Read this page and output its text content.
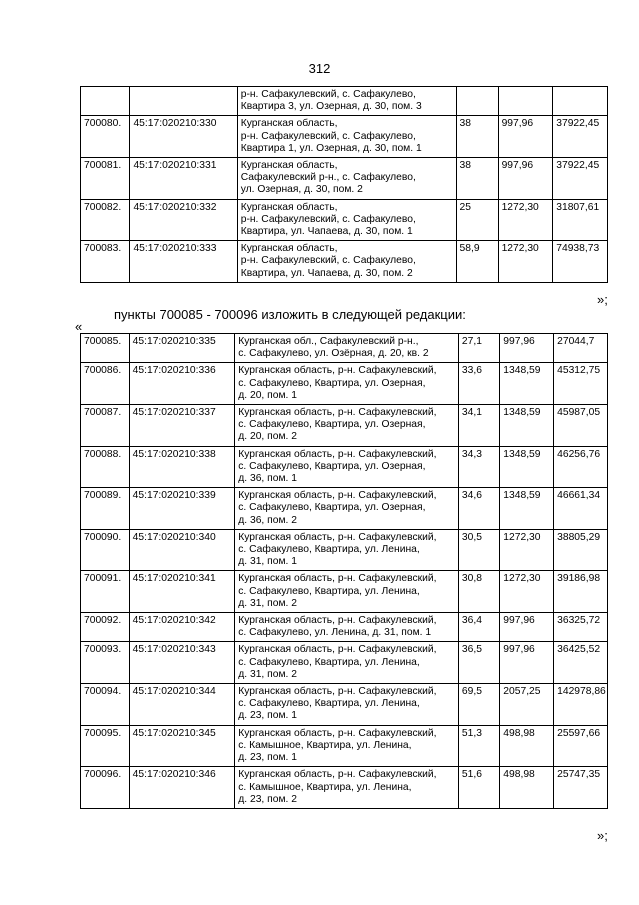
312

		р-н. Сафакулевский, с. Сафакулево,
Квартира 3, ул. Озерная, д. 30, пом. 3			

700080.	45:17:020210:330	Курганская область,
р-н. Сафакулевский, с. Сафакулево,
Квартира 1, ул. Озерная, д. 30, пом. 1	38	997,96	37922,45
700081.	45:17:020210:331	Курганская область,
Сафакулевский р-н., с. Сафакулево,
ул. Озерная, д. 30, пом. 2	38	997,96	37922,45
700082.	45:17:020210:332	Курганская область,
р-н. Сафакулевский, с. Сафакулево,
Квартира, ул. Чапаева, д. 30, пом. 1	25	1272,30	31807,61
700083.	45:17:020210:333	Курганская область,
р-н. Сафакулевский, с. Сафакулево,
Квартира, ул. Чапаева, д. 30, пом. 2	58,9	1272,30	74938,73
»;
пункты 700085 - 700096 изложить в следующей редакции:
«
700085.	45:17:020210:335	Курганская обл., Сафакулевский р-н.,
с. Сафакулево, ул. Озёрная, д. 20, кв. 2	27,1	997,96	27044,7
700086.	45:17:020210:336	Курганская область, р-н. Сафакулевский,
с. Сафакулево, Квартира, ул. Озерная,
д. 20, пом. 1	33,6	1348,59	45312,75
700087.	45:17:020210:337	Курганская область, р-н. Сафакулевский,
с. Сафакулево, Квартира, ул. Озерная,
д. 20, пом. 2	34,1	1348,59	45987,05
700088.	45:17:020210:338	Курганская область, р-н. Сафакулевский,
с. Сафакулево, Квартира, ул. Озерная,
д. 36, пом. 1	34,3	1348,59	46256,76
700089.	45:17:020210:339	Курганская область, р-н. Сафакулевский,
с. Сафакулево, Квартира, ул. Озерная,
д. 36, пом. 2	34,6	1348,59	46661,34
700090.	45:17:020210:340	Курганская область, р-н. Сафакулевский,
с. Сафакулево, Квартира, ул. Ленина,
д. 31, пом. 1	30,5	1272,30	38805,29
700091.	45:17:020210:341	Курганская область, р-н. Сафакулевский,
с. Сафакулево, Квартира, ул. Ленина,
д. 31, пом. 2	30,8	1272,30	39186,98
700092.	45:17:020210:342	Курганская область, р-н. Сафакулевский,
с. Сафакулево, ул. Ленина, д. 31, пом. 1	36,4	997,96	36325,72
700093.	45:17:020210:343	Курганская область, р-н. Сафакулевский,
с. Сафакулево, Квартира, ул. Ленина,
д. 31, пом. 2	36,5	997,96	36425,52
700094.	45:17:020210:344	Курганская область, р-н. Сафакулевский,
с. Сафакулево, Квартира, ул. Ленина,
д. 23, пом. 1	69,5	2057,25	142978,86
700095.	45:17:020210:345	Курганская область, р-н. Сафакулевский,
с. Камышное, Квартира, ул. Ленина,
д. 23, пом. 1	51,3	498,98	25597,66
700096.	45:17:020210:346	Курганская область, р-н. Сафакулевский,
с. Камышное, Квартира, ул. Ленина,
д. 23, пом. 2	51,6	498,98	25747,35
»;
